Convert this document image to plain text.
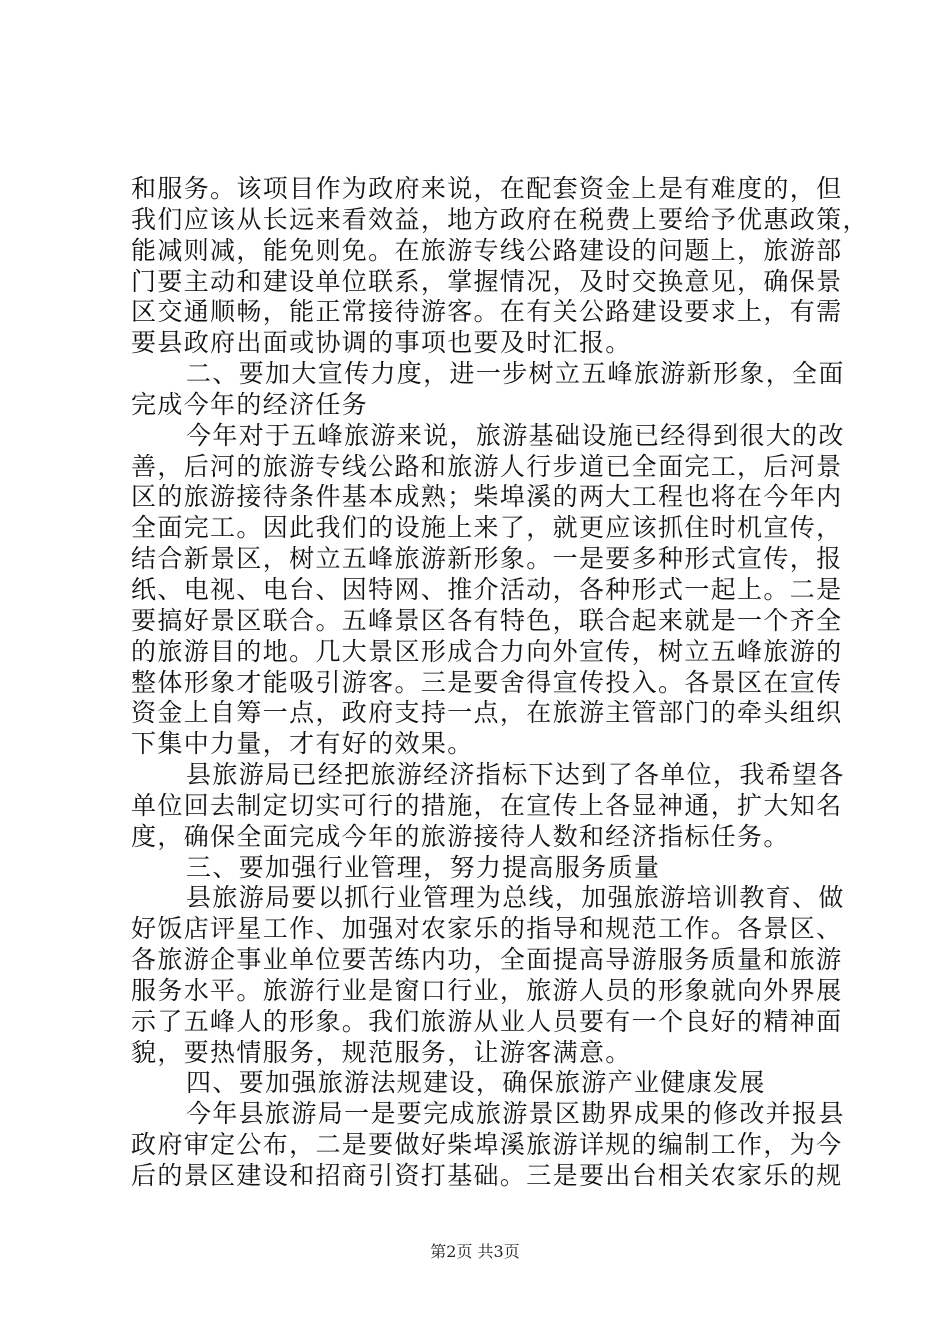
和服务。该项目作为政府来说，在配套资金上是有难度的，但
我们应该从长远来看效益，地方政府在税费上要给予优惠政策，
能减则减，能免则免。在旅游专线公路建设的问题上，旅游部
门要主动和建设单位联系，掌握情况，及时交换意见，确保景
区交通顺畅，能正常接待游客。在有关公路建设要求上，有需
要县政府出面或协调的事项也要及时汇报。
二、要加大宣传力度，进一步树立五峰旅游新形象，全面
完成今年的经济任务
今年对于五峰旅游来说，旅游基础设施已经得到很大的改
善，后河的旅游专线公路和旅游人行步道已全面完工，后河景
区的旅游接待条件基本成熟；柴埠溪的两大工程也将在今年内
全面完工。因此我们的设施上来了，就更应该抓住时机宣传，
结合新景区，树立五峰旅游新形象。一是要多种形式宣传，报
纸、电视、电台、因特网、推介活动，各种形式一起上。二是
要搞好景区联合。五峰景区各有特色，联合起来就是一个齐全
的旅游目的地。几大景区形成合力向外宣传，树立五峰旅游的
整体形象才能吸引游客。三是要舍得宣传投入。各景区在宣传
资金上自筹一点，政府支持一点，在旅游主管部门的牵头组织
下集中力量，才有好的效果。
县旅游局已经把旅游经济指标下达到了各单位，我希望各
单位回去制定切实可行的措施，在宣传上各显神通，扩大知名
度，确保全面完成今年的旅游接待人数和经济指标任务。
三、要加强行业管理，努力提高服务质量
县旅游局要以抓行业管理为总线，加强旅游培训教育、做
好饭店评星工作、加强对农家乐的指导和规范工作。各景区、
各旅游企事业单位要苦练内功，全面提高导游服务质量和旅游
服务水平。旅游行业是窗口行业，旅游人员的形象就向外界展
示了五峰人的形象。我们旅游从业人员要有一个良好的精神面
貌，要热情服务，规范服务，让游客满意。
四、要加强旅游法规建设，确保旅游产业健康发展
今年县旅游局一是要完成旅游景区勘界成果的修改并报县
政府审定公布，二是要做好柴埠溪旅游详规的编制工作，为今
后的景区建设和招商引资打基础。三是要出台相关农家乐的规
第2页 共3页
